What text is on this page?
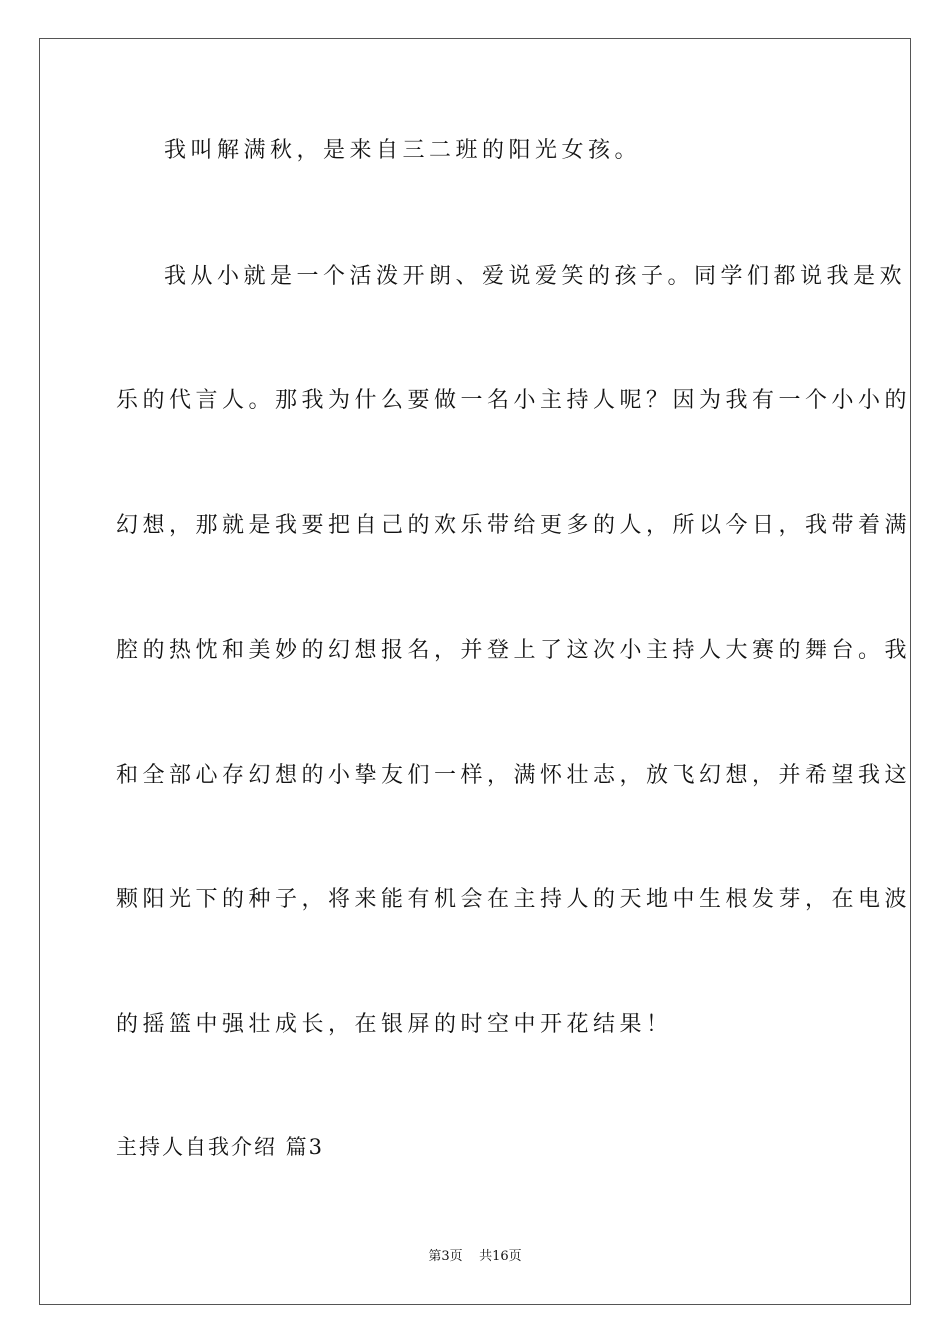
我叫解满秋，是来自三二班的阳光女孩。
我从小就是一个活泼开朗、爱说爱笑的孩子。同学们都说我是欢
乐的代言人。那我为什么要做一名小主持人呢？因为我有一个小小的
幻想，那就是我要把自己的欢乐带给更多的人，所以今日，我带着满
腔的热忱和美妙的幻想报名，并登上了这次小主持人大赛的舞台。我
和全部心存幻想的小挚友们一样，满怀壮志，放飞幻想，并希望我这
颗阳光下的种子，将来能有机会在主持人的天地中生根发芽，在电波
的摇篮中强壮成长，在银屏的时空中开花结果！
主持人自我介绍 篇3
第3页    共16页
